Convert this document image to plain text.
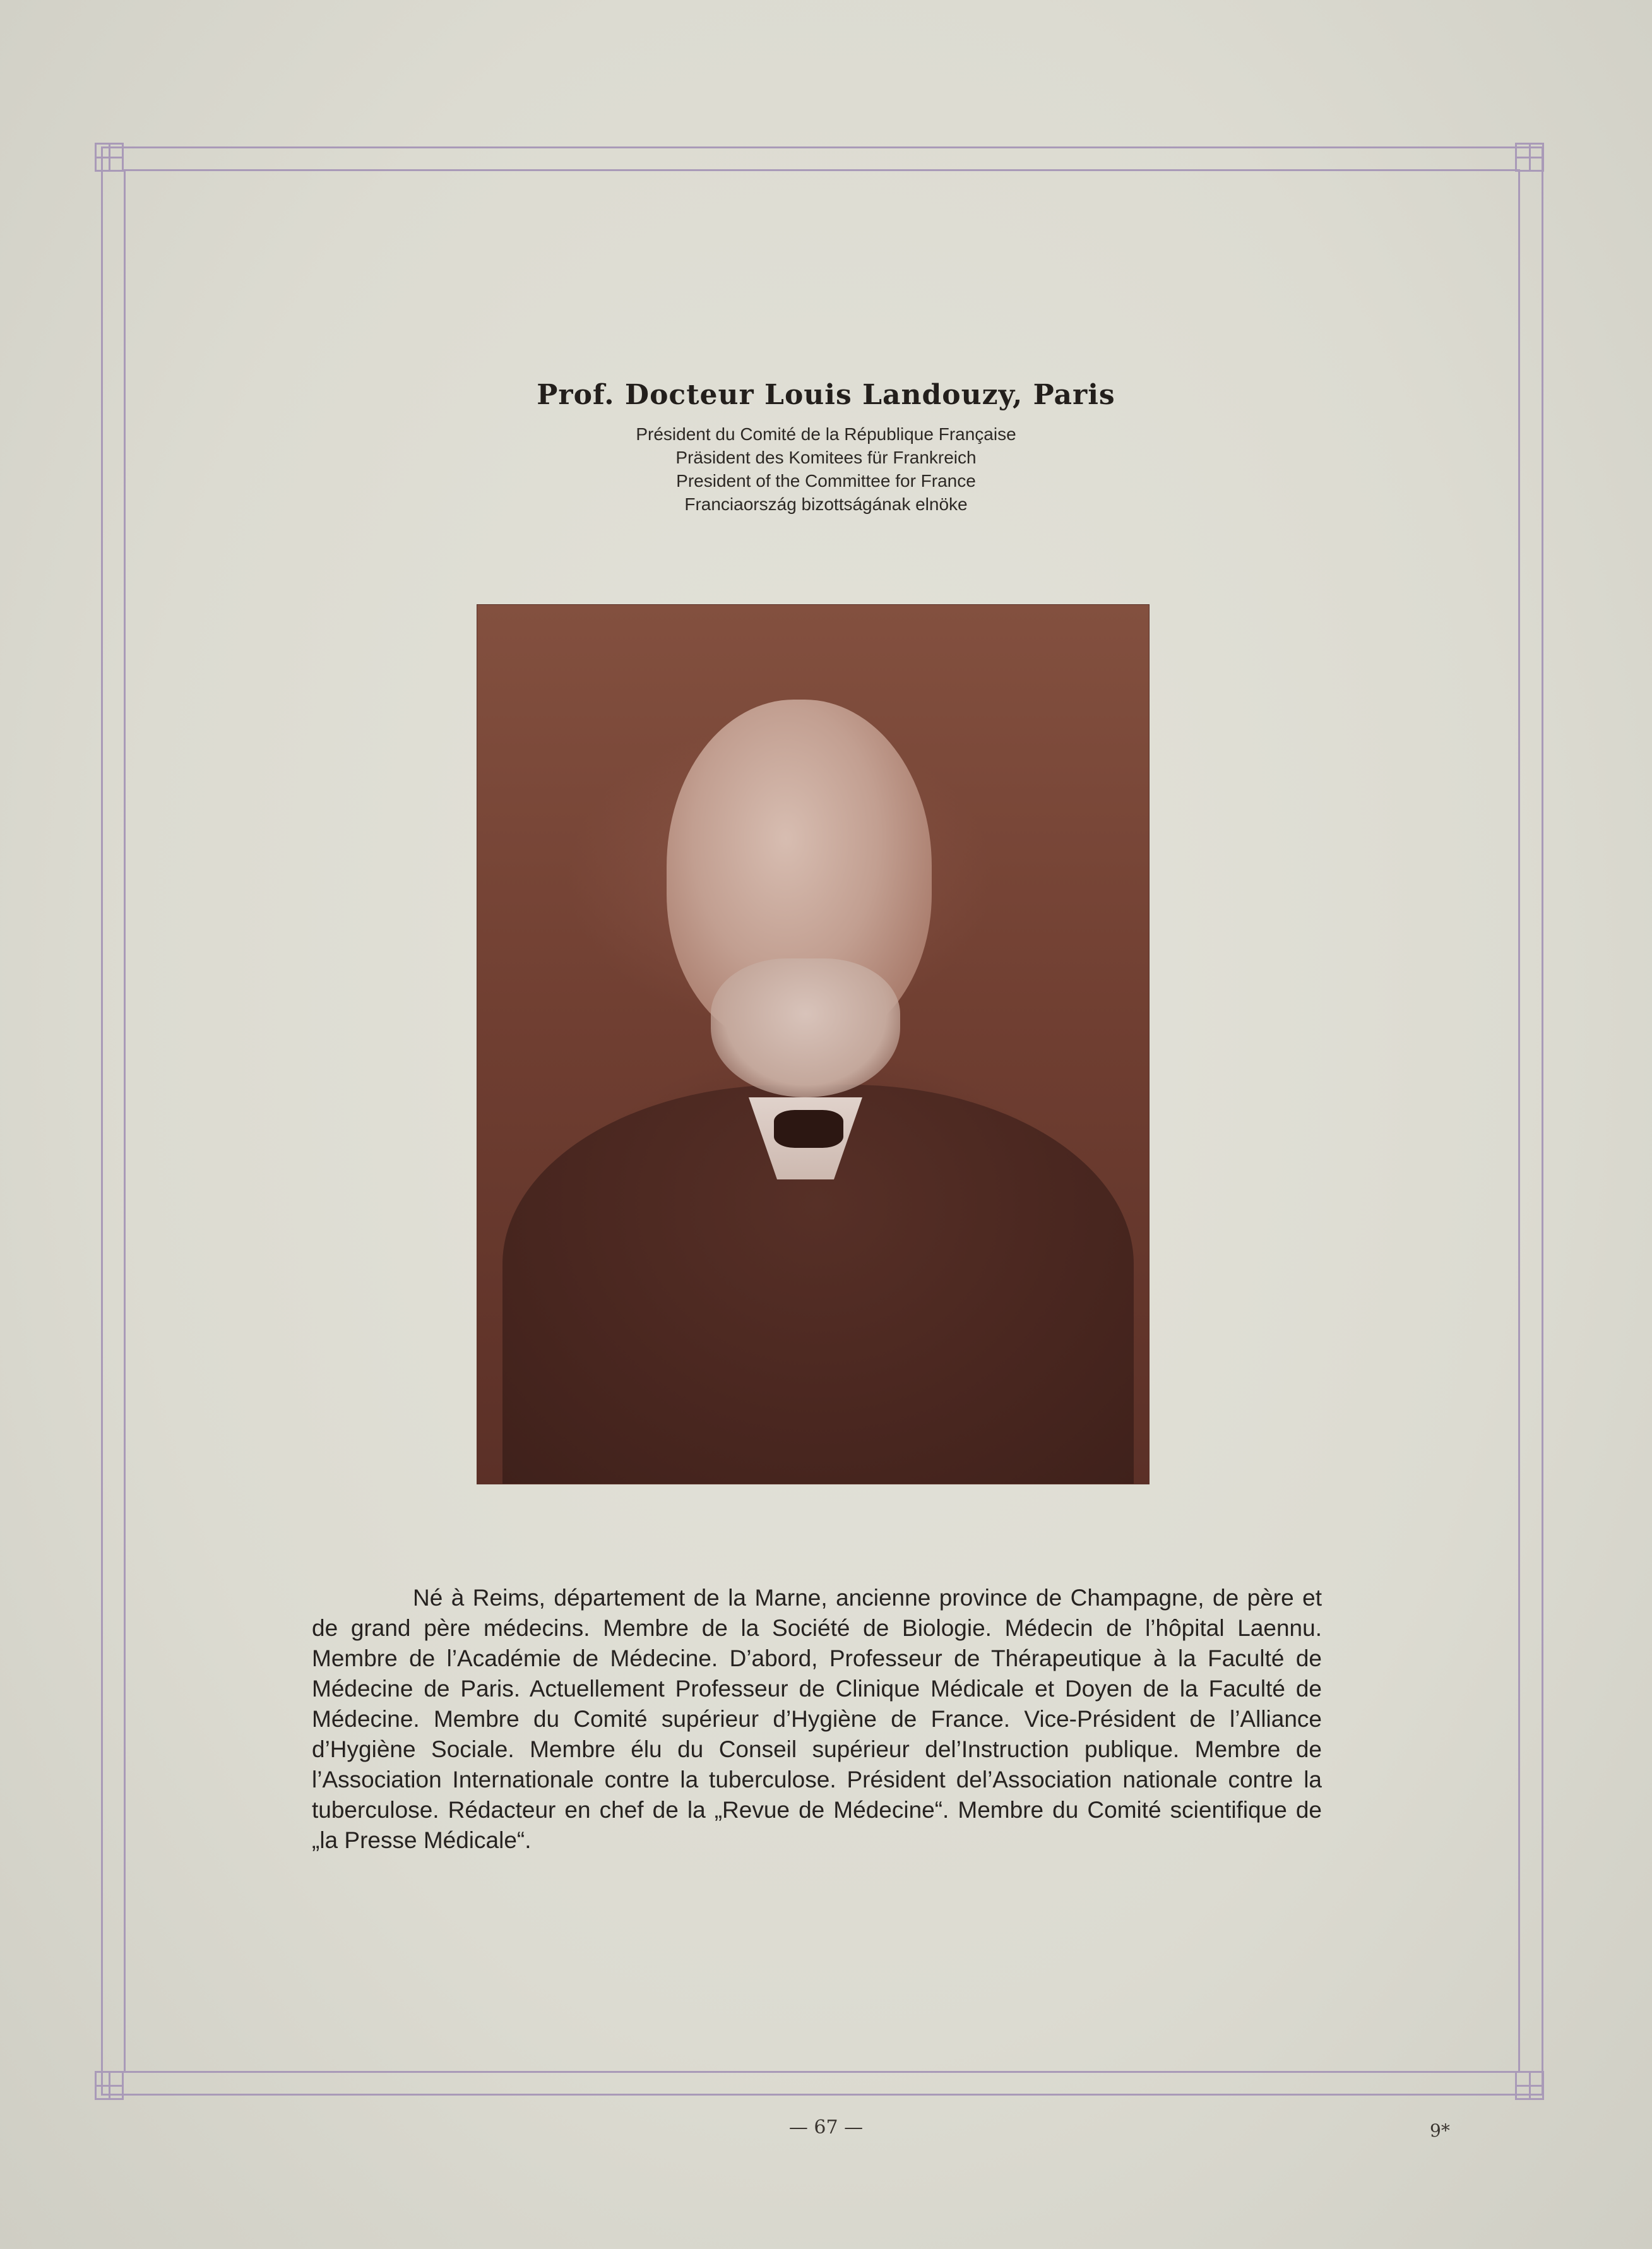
Prof. Docteur Louis Landouzy, Paris
Président du Comité de la République Française
Präsident des Komitees für Frankreich
President of the Committee for France
Franciaország bizottságának elnöke

Né à Reims, département de la Marne, ancienne province de Champagne, de père et de grand père médecins. Membre de la Société de Biologie. Médecin de l’hôpital Laennu. Membre de l’Académie de Médecine. D’abord, Professeur de Thérapeutique à la Faculté de Médecine de Paris. Actuellement Professeur de Clinique Médicale et Doyen de la Faculté de Médecine. Membre du Comité supérieur d’Hygiène de France. Vice-Président de l’Alliance d’Hygiène Sociale. Membre élu du Conseil supérieur del’Instruction publique. Membre de l’Association Internationale contre la tuberculose. Président del’Association nationale contre la tuberculose. Rédacteur en chef de la „Revue de Médecine“. Membre du Comité scientifique de „la Presse Médicale“.

— 67 —	9*
